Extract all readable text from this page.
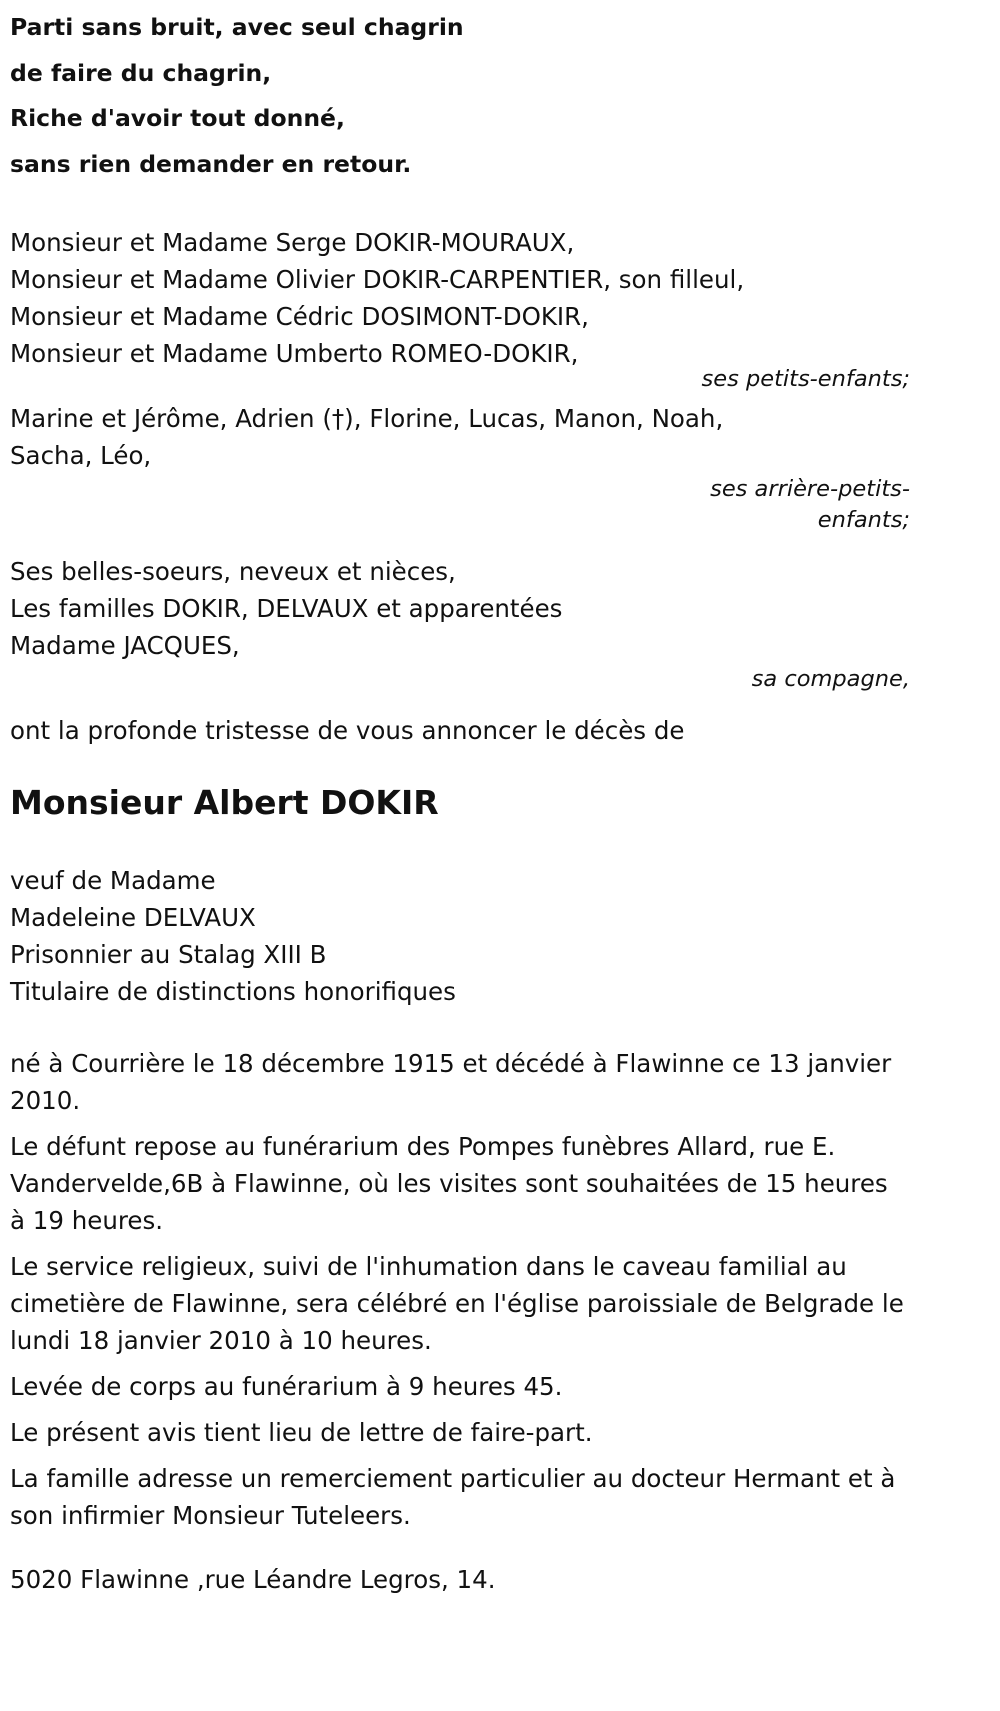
Parti sans bruit, avec seul chagrin

de faire du chagrin,

Riche d'avoir tout donné,

sans rien demander en retour.

Monsieur et Madame Serge DOKIR-MOURAUX,

Monsieur et Madame Olivier DOKIR-CARPENTIER, son filleul,

Monsieur et Madame Cédric DOSIMONT-DOKIR,

Monsieur et Madame Umberto ROMEO-DOKIR,

ses petits-enfants;

Marine et Jérôme, Adrien (†), Florine, Lucas, Manon, Noah,

Sacha, Léo,

ses arrière-petits-enfants;

Ses belles-soeurs, neveux et nièces,

Les familles DOKIR, DELVAUX et apparentées

Madame JACQUES,

sa compagne,

ont la profonde tristesse de vous annoncer le décès de

Monsieur Albert DOKIR

veuf de Madame

Madeleine DELVAUX

Prisonnier au Stalag XIII B

Titulaire de distinctions honorifiques

né à Courrière le 18 décembre 1915 et décédé à Flawinne ce 13 janvier 2010.

Le défunt repose au funérarium des Pompes funèbres Allard, rue E. Vandervelde,6B à Flawinne, où les visites sont souhaitées de 15 heures à 19 heures.

Le service religieux, suivi de l'inhumation dans le caveau familial au cimetière de Flawinne, sera célébré en l'église paroissiale de Belgrade le lundi 18 janvier 2010 à 10 heures.

Levée de corps au funérarium à 9 heures 45.

Le présent avis tient lieu de lettre de faire-part.

La famille adresse un remerciement particulier au docteur Hermant et à son infirmier Monsieur Tuteleers.

5020 Flawinne ,rue Léandre Legros, 14.
